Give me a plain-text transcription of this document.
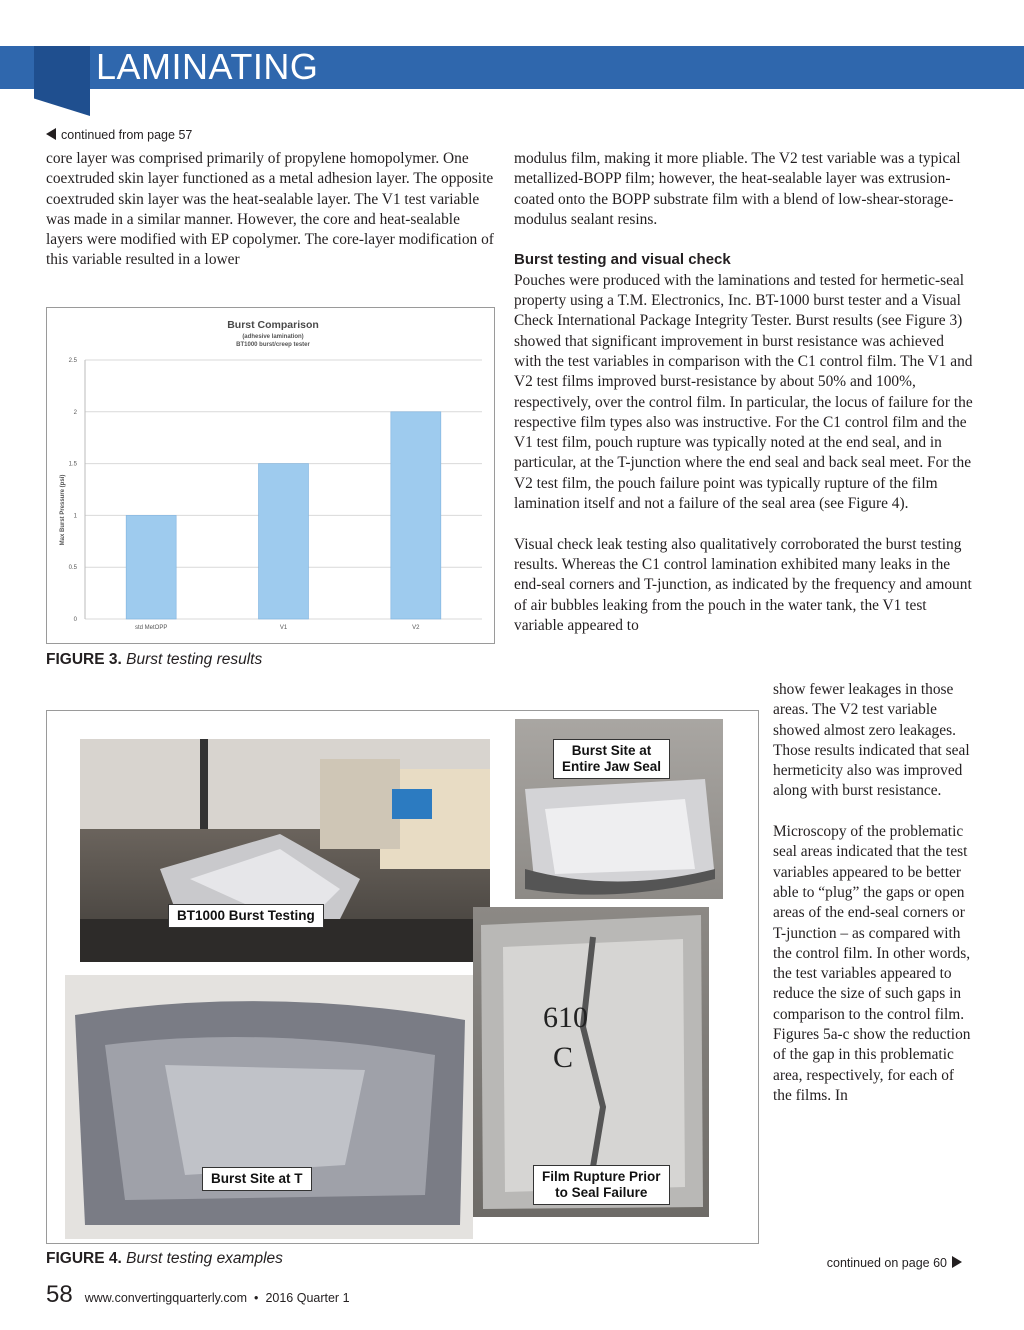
LAMINATING
continued from page 57
core layer was comprised primarily of propylene homopolymer. One coextruded skin layer functioned as a metal adhesion layer. The opposite coextruded skin layer was the heat-sealable layer. The V1 test variable was made in a similar manner. However, the core and heat-sealable layers were modified with EP copolymer. The core-layer modification of this variable resulted in a lower
Burst Comparison
(adhesive lamination)
BT1000 burst/creep tester
Max Burst Pressure (psi)
0
0.5
1
1.5
2
2.5
std MetOPP	V1	V2
FIGURE 3. Burst testing results

modulus film, making it more pliable. The V2 test variable was a typical metallized-BOPP film; however, the heat-sealable layer was extrusion-coated onto the BOPP substrate film with a blend of low-shear-storage-modulus sealant resins.

Burst testing and visual check

Pouches were produced with the laminations and tested for hermetic-seal property using a T.M. Electronics, Inc. BT-1000 burst tester and a Visual Check International Package Integrity Tester. Burst results (see Figure 3) showed that significant improvement in burst resistance was achieved with the test variables in comparison with the C1 control film. The V1 and V2 test films improved burst-resistance by about 50% and 100%, respectively, over the control film. In particular, the locus of failure for the respective film types also was instructive. For the C1 control film and the V1 test film, pouch rupture was typically noted at the end seal, and in particular, at the T-junction where the end seal and back seal meet. For the V2 test film, the pouch failure point was typically rupture of the film lamination itself and not a failure of the seal area (see Figure 4).

Visual check leak testing also qualitatively corroborated the burst testing results. Whereas the C1 control lamination exhibited many leaks in the end-seal corners and T-junction, as indicated by the frequency and amount of air bubbles leaking from the pouch in the water tank, the V1 test variable appeared to

show fewer leakages in those areas. The V2 test variable showed almost zero leakages. Those results indicated that seal hermeticity also was improved along with burst resistance.

Microscopy of the problematic seal areas indicated that the test variables appeared to be better able to “plug” the gaps or open areas of the end-seal corners or T-junction – as compared with the control film. In other words, the test variables appeared to reduce the size of such gaps in comparison to the control film. Figures 5a-c show the reduction of the gap in this problematic area, respectively, for each of the films. In

BT1000 Burst Testing
Burst Site at
Entire Jaw Seal
Burst Site at T
610
C
Film Rupture Prior
to Seal Failure
FIGURE 4. Burst testing examples	continued on page 60
58 www.convertingquarterly.com • 2016 Quarter 1
